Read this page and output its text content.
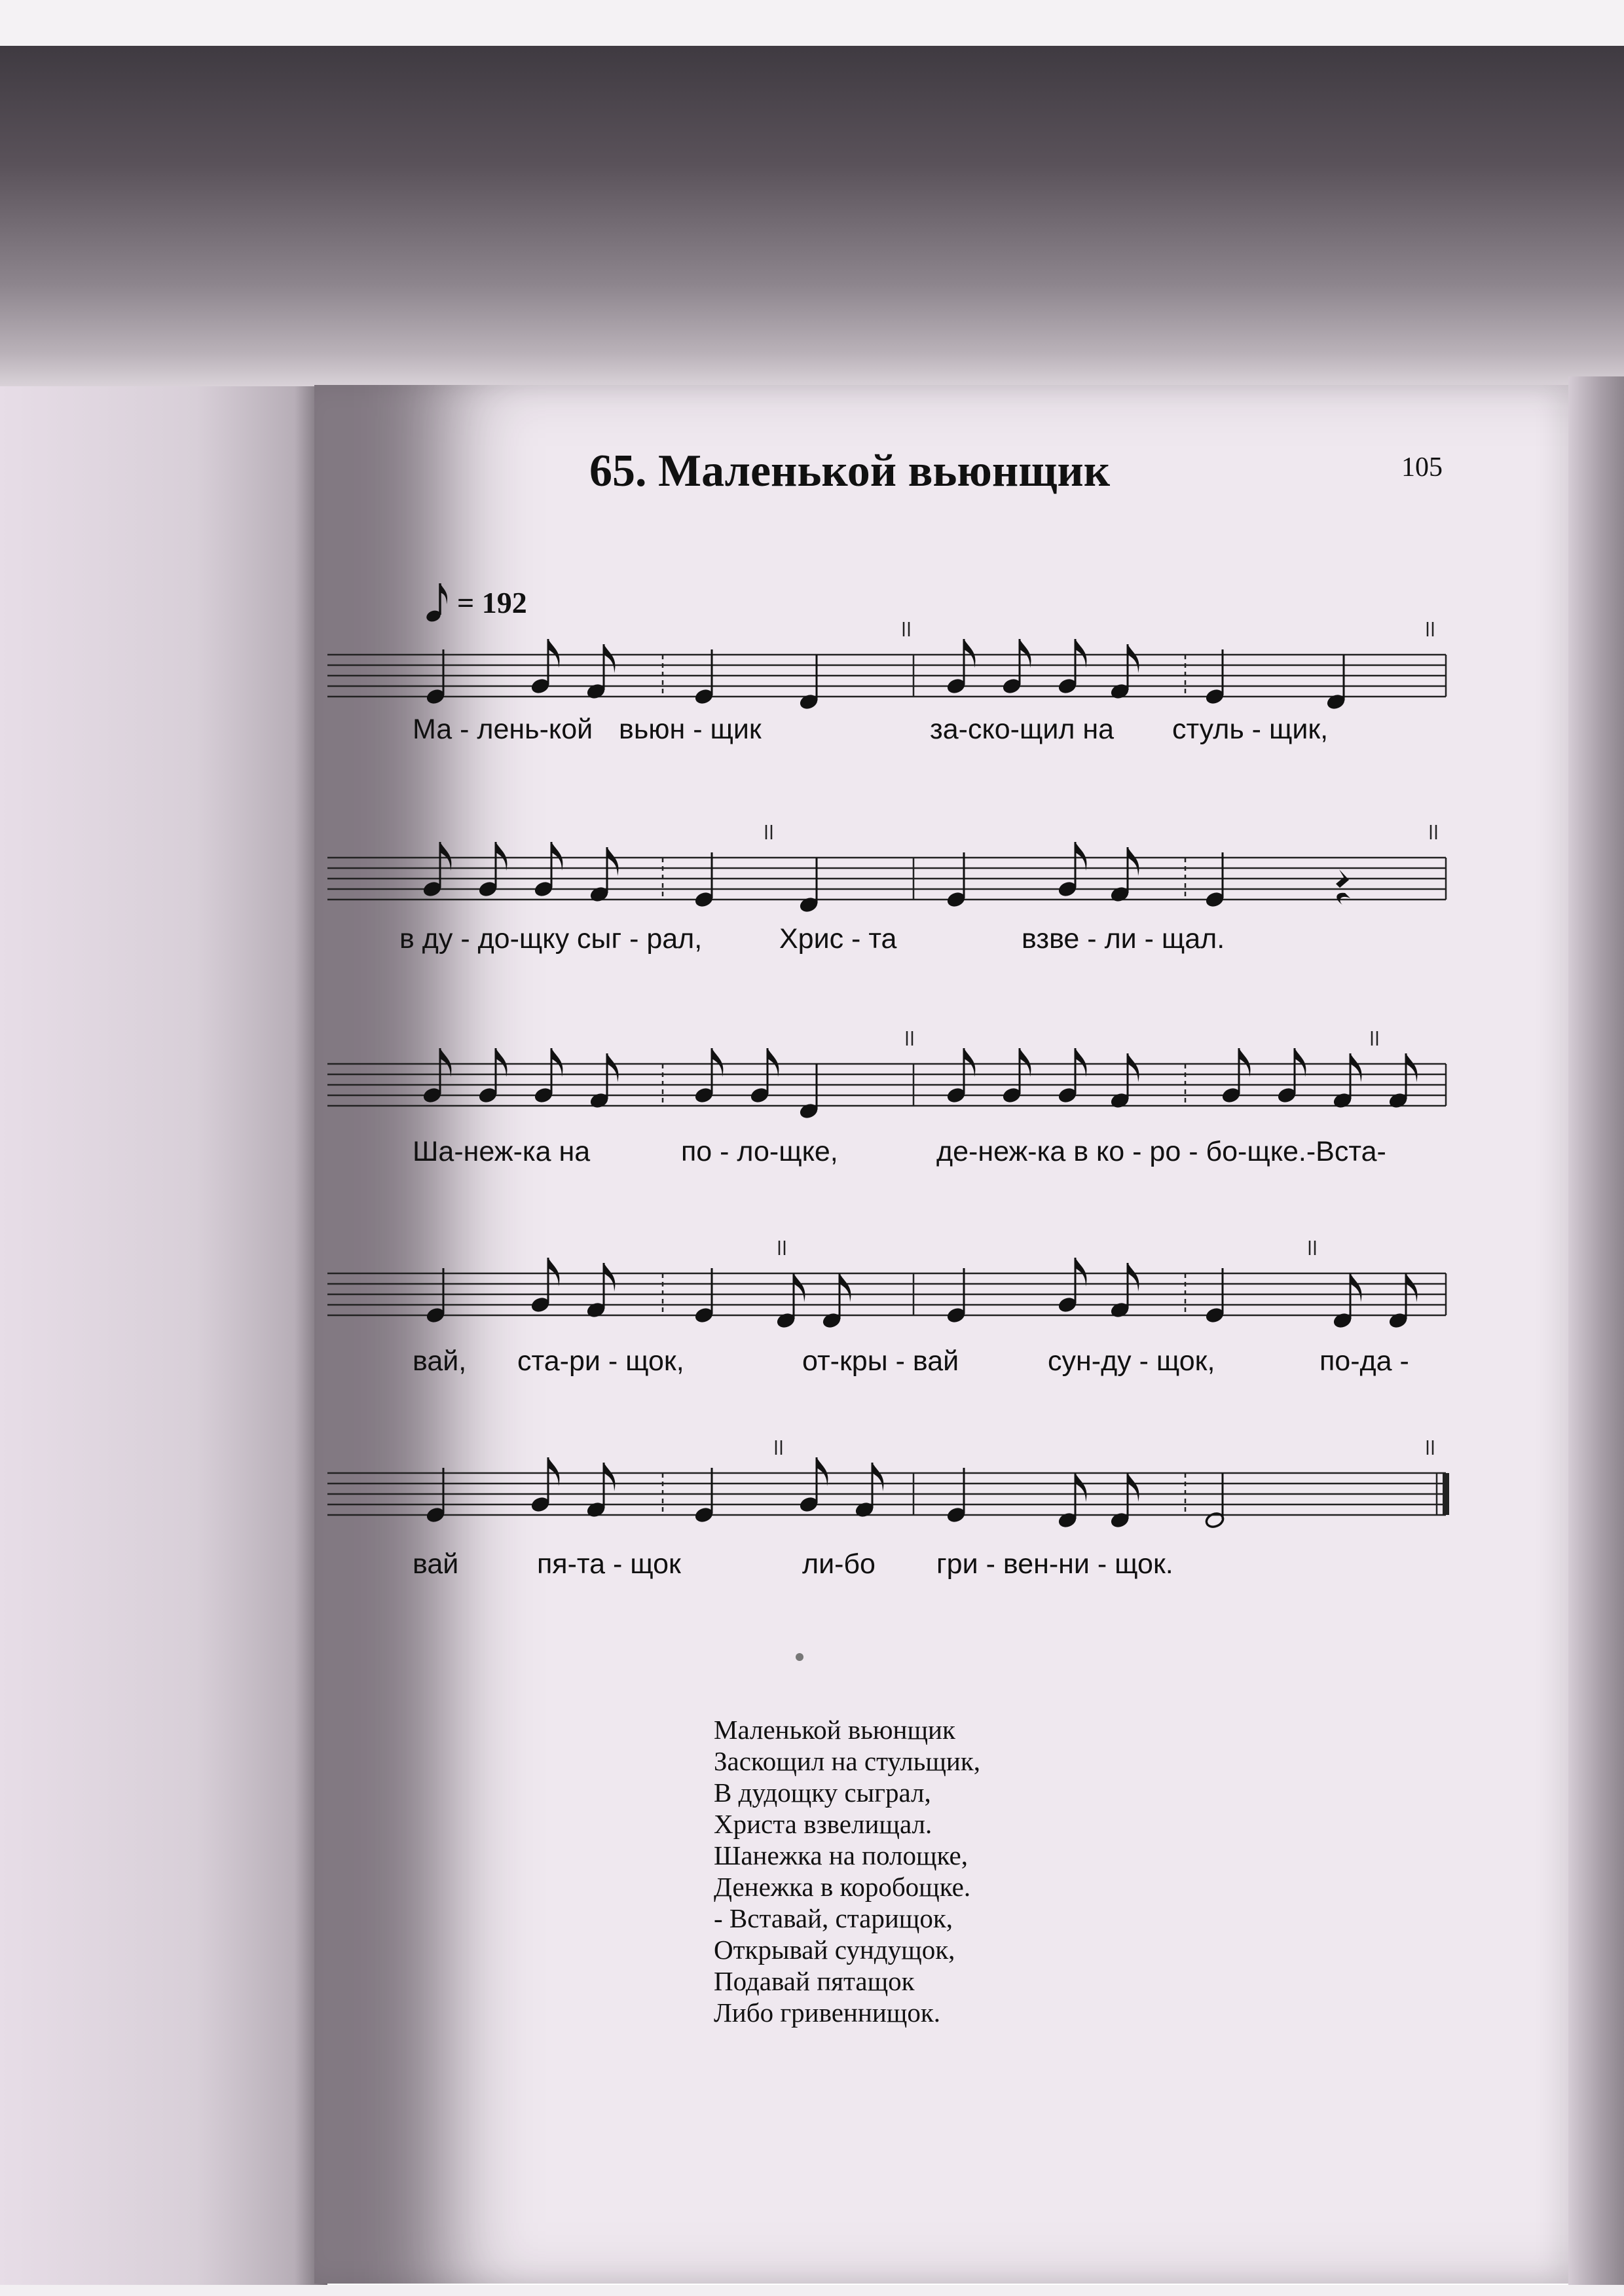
65. Маленькой вьюнщик	105
= 192
Ма - лень-кой вьюн - щик	за-ско-щил на стуль - щик,
в ду - до-щку сыг - рал,	Хрис - та	взве - ли - щал.
Ша-неж-ка на	по - ло-щке,	де-неж-ка в ко - ро - бо-щке.-Вста-
вай, ста-ри - щок,	от-кры - вай	сун-ду - щок,	по-да -
вай	пя-та - щок	ли-бо гри - вен-ни - щок.
Маленькой вьюнщик
Заскощил на стульщик,
В дудощку сыграл,
Христа взвелищал.
Шанежка на полощке,
Денежка в коробощке.
- Вставай, старищок,
Открывай сундущок,
Подавай пятащок
Либо гривеннищок.
